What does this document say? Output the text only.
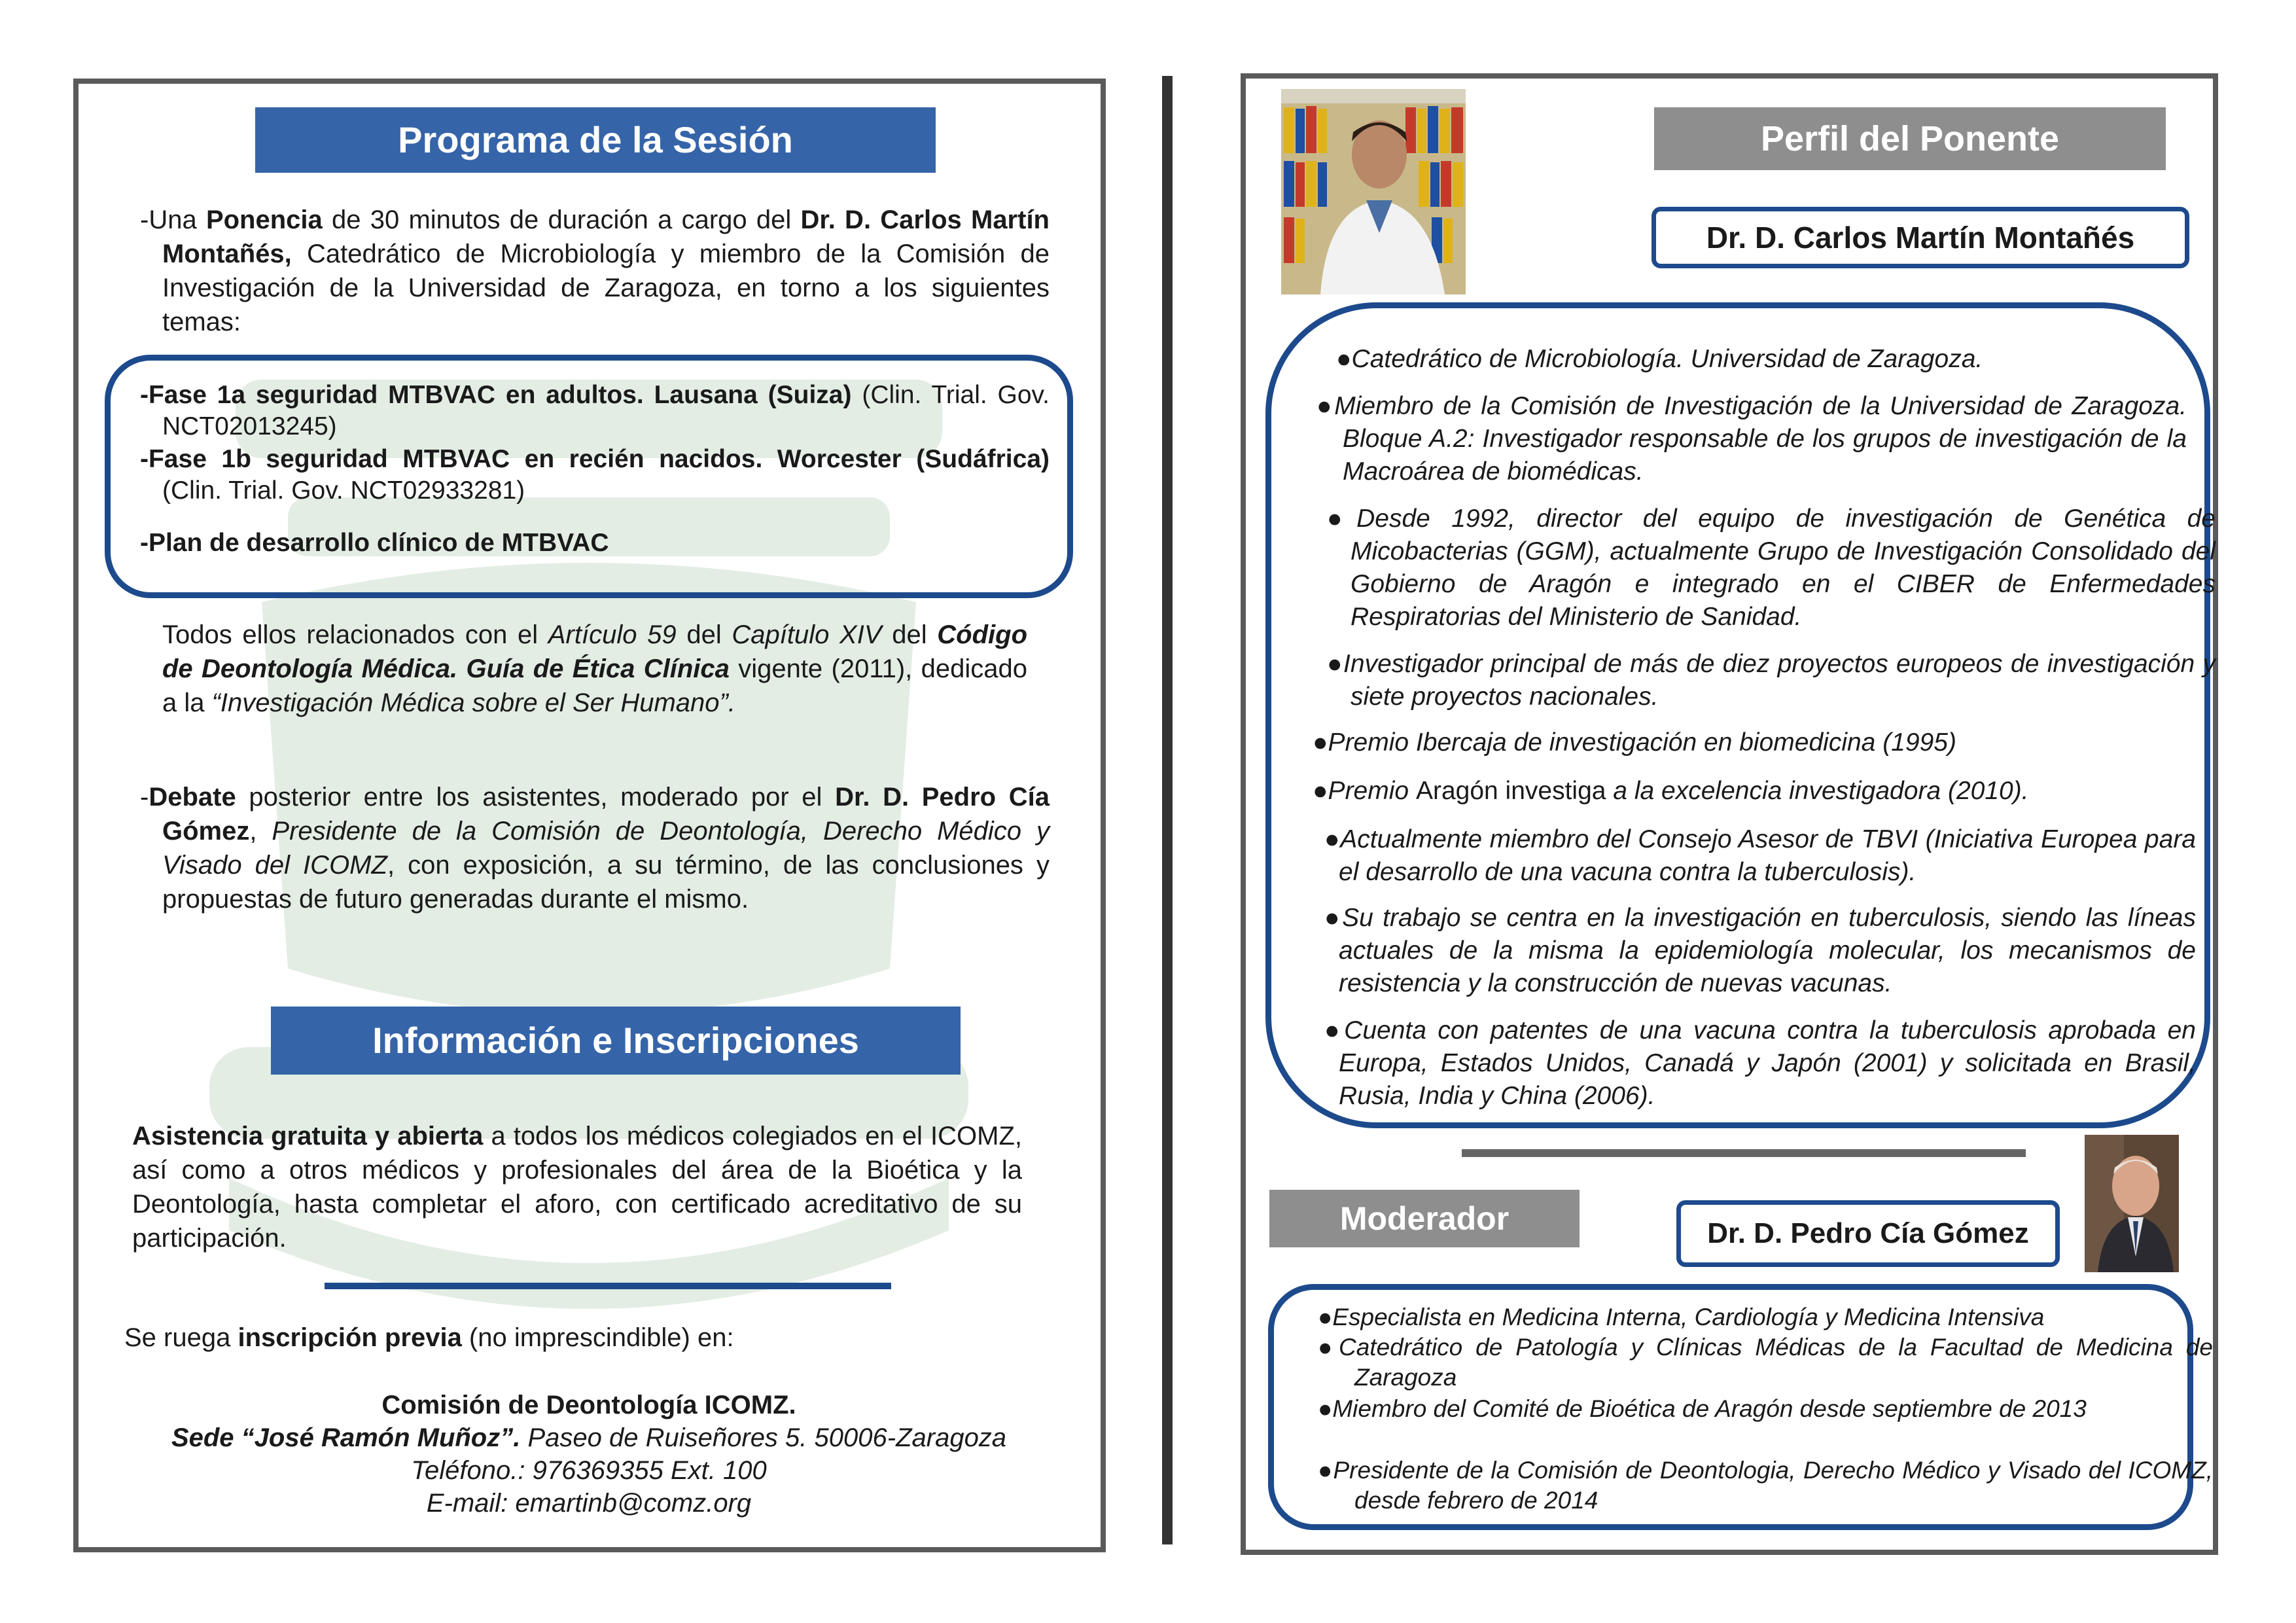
Programa de la Sesión
-Una Ponencia de 30 minutos de duración a cargo del Dr. D. Carlos Martín Montañés, Catedrático de Microbiología y miembro de la Comisión de Investigación de la Universidad de Zaragoza, en torno a los siguientes temas:
-Fase 1a seguridad MTBVAC en adultos. Lausana (Suiza) (Clin. Trial. Gov. NCT02013245)
-Fase 1b seguridad MTBVAC en recién nacidos. Worcester (Sudáfrica) (Clin. Trial. Gov. NCT02933281)
-Plan de desarrollo clínico de MTBVAC
Todos ellos relacionados con el Artículo 59 del Capítulo XIV del Código de Deontología Médica. Guía de Ética Clínica vigente (2011), dedicado a la “Investigación Médica sobre el Ser Humano”.
-Debate posterior entre los asistentes, moderado por el Dr. D. Pedro Cía Gómez, Presidente de la Comisión de Deontología, Derecho Médico y Visado del ICOMZ, con exposición, a su término, de las conclusiones y propuestas de futuro generadas durante el mismo.
Información e Inscripciones
Asistencia gratuita y abierta a todos los médicos colegiados en el ICOMZ, así como a otros médicos y profesionales del área de la Bioética y la Deontología, hasta completar el aforo, con certificado acreditativo de su participación.
Se ruega inscripción previa (no imprescindible) en:
Comisión de Deontología ICOMZ.
Sede “José Ramón Muñoz”. Paseo de Ruiseñores 5. 50006-Zaragoza
Teléfono.: 976369355 Ext. 100
E-mail: emartinb@comz.org
Perfil del Ponente
Dr. D. Carlos Martín Montañés
●Catedrático de Microbiología. Universidad de Zaragoza.
●Miembro de la Comisión de Investigación de la Universidad de Zaragoza. Bloque A.2: Investigador responsable de los grupos de investigación de la Macroárea de biomédicas.
●Desde 1992, director del equipo de investigación de Genética de Micobacterias (GGM), actualmente Grupo de Investigación Consolidado del Gobierno de Aragón e integrado en el CIBER de Enfermedades Respiratorias del Ministerio de Sanidad.
●Investigador principal de más de diez proyectos europeos de investigación y siete proyectos nacionales.
●Premio Ibercaja de investigación en biomedicina (1995)
●Premio Aragón investiga a la excelencia investigadora (2010).
●Actualmente miembro del Consejo Asesor de TBVI (Iniciativa Europea para el desarrollo de una vacuna contra la tuberculosis).
●Su trabajo se centra en la investigación en tuberculosis, siendo las líneas actuales de la misma la epidemiología molecular, los mecanismos de resistencia y la construcción de nuevas vacunas.
●Cuenta con patentes de una vacuna contra la tuberculosis aprobada en Europa, Estados Unidos, Canadá y Japón (2001) y solicitada en Brasil, Rusia, India y China (2006).
Moderador	Dr. D. Pedro Cía Gómez
●Especialista en Medicina Interna, Cardiología y Medicina Intensiva
●Catedrático de Patología y Clínicas Médicas de la Facultad de Medicina de Zaragoza
●Miembro del Comité de Bioética de Aragón desde septiembre de 2013
●Presidente de la Comisión de Deontologia, Derecho Médico y Visado del ICOMZ, desde febrero de 2014
